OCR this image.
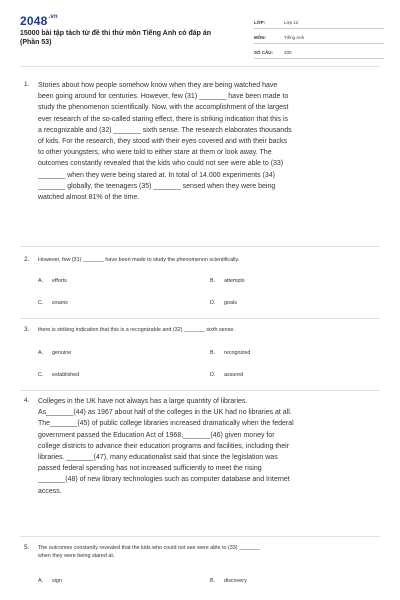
$2048^{.vn}$
15000 bài tập tách từ đề thi thử môn Tiếng Anh có đáp án
(Phần 53)
LỚP:	Lớp 12
MÔN:	Tiếng Anh
SỐ CÂU:	330
1. Stories about how people somehow know when they are being watched have
been going around for centuries. However, few (31) _______ have been made to
study the phenomenon scientifically. Now, with the accomplishment of the largest
ever research of the so-called staring effect, there is striking indication that this is
a recognizable and (32) _______ sixth sense. The research elaborates thousands
of kids. For the research, they stood with their eyes covered and with their backs
to other youngsters, who were told to either stare at them or look away. The
outcomes constantly revealed that the kids who could not see were able to (33)
_______ when they were being stared at. In total of 14.000 experiments (34)
_______ globally, the teenagers (35) _______ sensed when they were being
watched almost 81% of the time.
2. However, few (31) _______ have been made to study the phenomenon scientifically.
A. efforts	B. attempts
C. exams	D. goals
3. there is striking indication that this is a recognizable and (32) _______ sixth sense.
A. genuine	B. recognized
C. established	D. assured
4. Colleges in the UK have not always has a large quantity of libraries.
As_______(44) as 1967 about half of the colleges in the UK had no libraries at all.
The_______(45) of public college libraries increased dramatically when the federal
government passed the Education Act of 1968,_______(46) given money for
college districts to advance their education programs and facilities, including their
libraries. _______(47), many educationalist said that since the legislation was
passed federal spending has not increased sufficiently to meet the rising
_______(48) of new library technologies such as computer database and Internet
access.
5. The outcomes constantly revealed that the kids who could not see were able to (33) _______
when they were being stared at.
A. sign	B. discovery
